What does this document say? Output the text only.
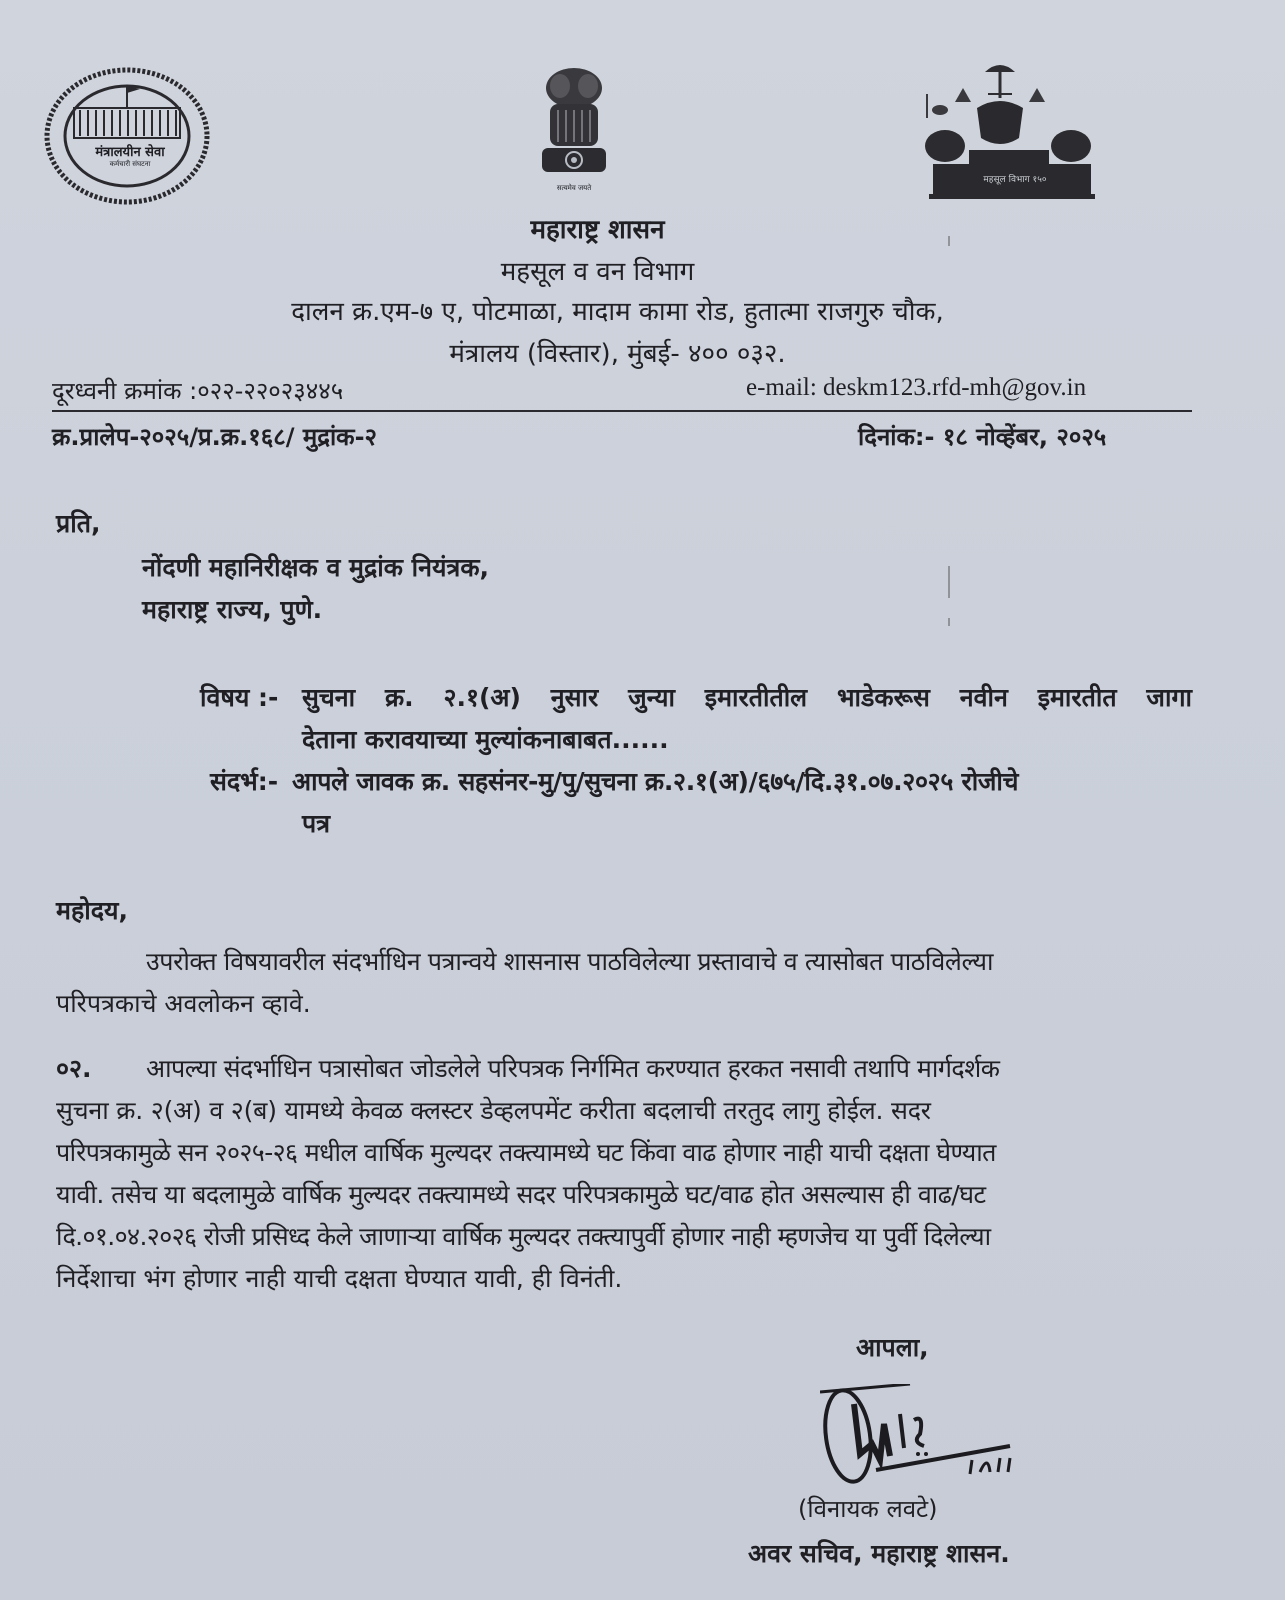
मंत्रालयीन सेवा
कर्मचारी संघटना
सत्यमेव जयते
महसूल विभाग १५०
महाराष्ट्र शासन
महसूल व वन विभाग
दालन क्र.एम-७ ए, पोटमाळा, मादाम कामा रोड, हुतात्मा राजगुरु चौक,
मंत्रालय (विस्तार), मुंबई- ४०० ०३२.
दूरध्वनी क्रमांक :०२२-२२०२३४४५	e-mail: deskm123.rfd-mh@gov.in
क्र.प्रालेप-२०२५/प्र.क्र.१६८/ मुद्रांक-२	दिनांक:- १८ नोव्हेंबर, २०२५
प्रति,
नोंदणी महानिरीक्षक व मुद्रांक नियंत्रक,
महाराष्ट्र राज्य, पुणे.
विषय :- सुचना क्र. २.१(अ) नुसार जुन्या इमारतीतील भाडेकरूस नवीन इमारतीत जागा
देताना करावयाच्या मुल्यांकनाबाबत......
संदर्भ:- आपले जावक क्र. सहसंनर-मु/पु/सुचना क्र.२.१(अ)/६७५/दि.३१.०७.२०२५ रोजीचे
पत्र
महोदय,
उपरोक्त विषयावरील संदर्भाधिन पत्रान्वये शासनास पाठविलेल्या प्रस्तावाचे व त्यासोबत पाठविलेल्या
परिपत्रकाचे अवलोकन व्हावे.
०२. आपल्या संदर्भाधिन पत्रासोबत जोडलेले परिपत्रक निर्गमित करण्यात हरकत नसावी तथापि मार्गदर्शक
सुचना क्र. २(अ) व २(ब) यामध्ये केवळ क्लस्टर डेव्हलपमेंट करीता बदलाची तरतुद लागु होईल. सदर
परिपत्रकामुळे सन २०२५-२६ मधील वार्षिक मुल्यदर तक्त्यामध्ये घट किंवा वाढ होणार नाही याची दक्षता घेण्यात
यावी. तसेच या बदलामुळे वार्षिक मुल्यदर तक्त्यामध्ये सदर परिपत्रकामुळे घट/वाढ होत असल्यास ही वाढ/घट
दि.०१.०४.२०२६ रोजी प्रसिध्द केले जाणाऱ्या वार्षिक मुल्यदर तक्त्यापुर्वी होणार नाही म्हणजेच या पुर्वी दिलेल्या
निर्देशाचा भंग होणार नाही याची दक्षता घेण्यात यावी, ही विनंती.
आपला,
(विनायक लवटे)
अवर सचिव, महाराष्ट्र शासन.
